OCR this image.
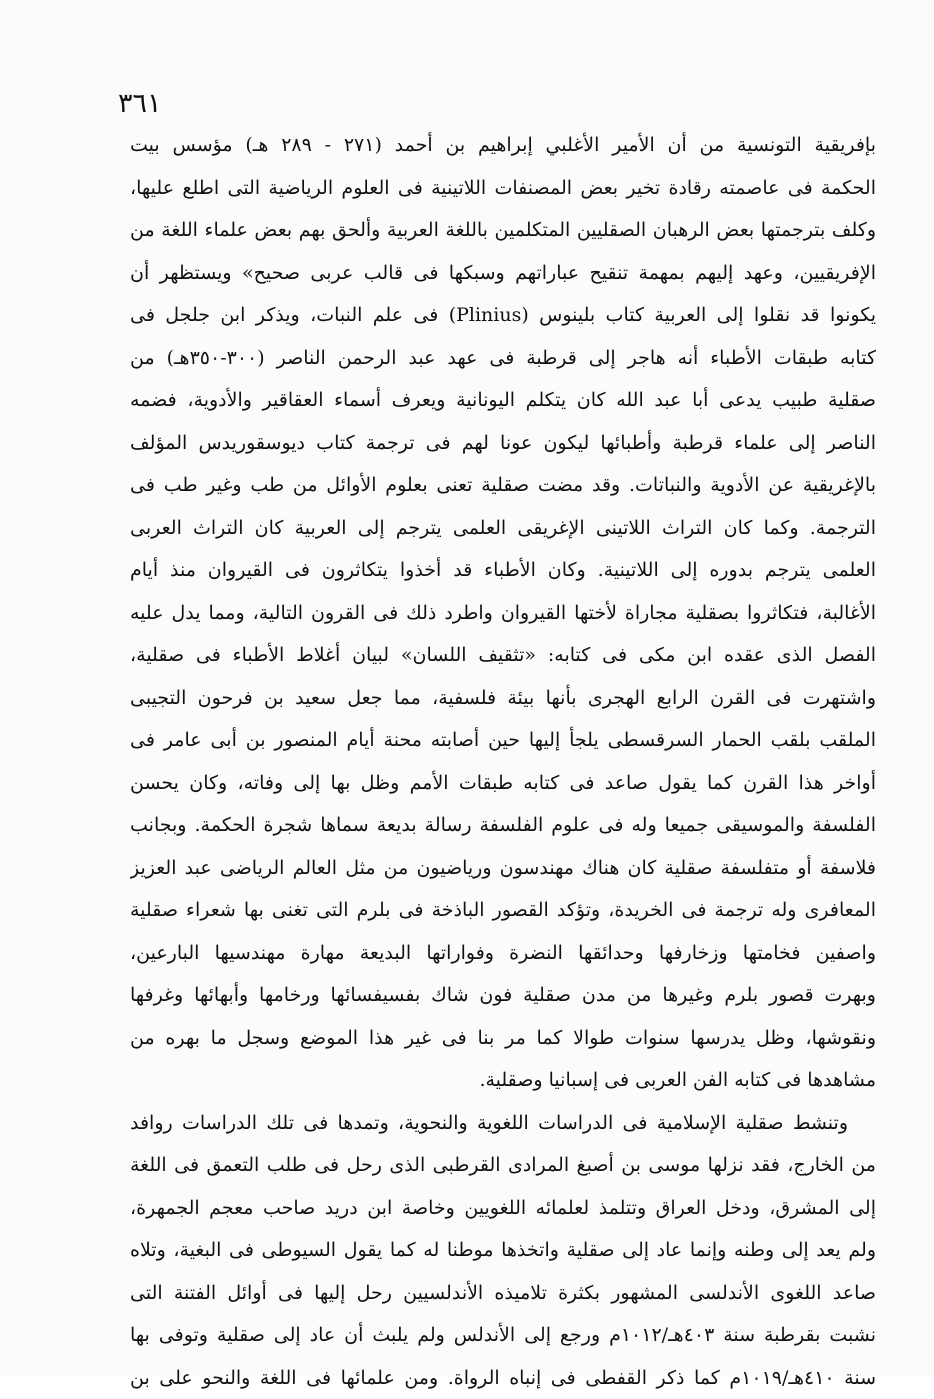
٣٦١

بإفريقية التونسية من أن الأمير الأغلبي إبراهيم بن أحمد (٢٧١ - ٢٨٩ هـ) مؤسس بيت
الحكمة فى عاصمته رقادة تخير بعض المصنفات اللاتينية فى العلوم الرياضية التى اطلع عليها،
وكلف بترجمتها بعض الرهبان الصقليين المتكلمين باللغة العربية وألحق بهم بعض علماء اللغة من
الإفريقيين، وعهد إليهم بمهمة تنقيح عباراتهم وسبكها فى قالب عربى صحيح» ويستظهر أن
يكونوا قد نقلوا إلى العربية كتاب بلينوس (Plinius) فى علم النبات، ويذكر ابن جلجل فى
كتابه طبقات الأطباء أنه هاجر إلى قرطبة فى عهد عبد الرحمن الناصر (٣٠٠-٣٥٠هـ) من
صقلية طبيب يدعى أبا عبد الله كان يتكلم اليونانية ويعرف أسماء العقاقير والأدوية، فضمه
الناصر إلى علماء قرطبة وأطبائها ليكون عونا لهم فى ترجمة كتاب ديوسقوريدس المؤلف
بالإغريقية عن الأدوية والنباتات. وقد مضت صقلية تعنى بعلوم الأوائل من طب وغير طب فى
الترجمة. وكما كان التراث اللاتينى الإغريقى العلمى يترجم إلى العربية كان التراث العربى
العلمى يترجم بدوره إلى اللاتينية. وكان الأطباء قد أخذوا يتكاثرون فى القيروان منذ أيام
الأغالبة، فتكاثروا بصقلية مجاراة لأختها القيروان واطرد ذلك فى القرون التالية، ومما يدل عليه
الفصل الذى عقده ابن مكى فى كتابه: «تثقيف اللسان» لبيان أغلاط الأطباء فى صقلية،
واشتهرت فى القرن الرابع الهجرى بأنها بيئة فلسفية، مما جعل سعيد بن فرحون التجيبى
الملقب بلقب الحمار السرقسطى يلجأ إليها حين أصابته محنة أيام المنصور بن أبى عامر فى
أواخر هذا القرن كما يقول صاعد فى كتابه طبقات الأمم وظل بها إلى وفاته، وكان يحسن
الفلسفة والموسيقى جميعا وله فى علوم الفلسفة رسالة بديعة سماها شجرة الحكمة. وبجانب
فلاسفة أو متفلسفة صقلية كان هناك مهندسون ورياضيون من مثل العالم الرياضى عبد العزيز
المعافرى وله ترجمة فى الخريدة، وتؤكد القصور الباذخة فى بلرم التى تغنى بها شعراء صقلية
واصفين فخامتها وزخارفها وحدائقها النضرة وفواراتها البديعة مهارة مهندسيها البارعين،
وبهرت قصور بلرم وغيرها من مدن صقلية فون شاك بفسيفسائها ورخامها وأبهائها وغرفها
ونقوشها، وظل يدرسها سنوات طوالا كما مر بنا فى غير هذا الموضع وسجل ما بهره من
مشاهدها فى كتابه الفن العربى فى إسبانيا وصقلية.
وتنشط صقلية الإسلامية فى الدراسات اللغوية والنحوية، وتمدها فى تلك الدراسات روافد
من الخارج، فقد نزلها موسى بن أصبغ المرادى القرطبى الذى رحل فى طلب التعمق فى اللغة
إلى المشرق، ودخل العراق وتتلمذ لعلمائه اللغويين وخاصة ابن دريد صاحب معجم الجمهرة،
ولم يعد إلى وطنه وإنما عاد إلى صقلية واتخذها موطنا له كما يقول السيوطى فى البغية، وتلاه
صاعد اللغوى الأندلسى المشهور بكثرة تلاميذه الأندلسيين رحل إليها فى أوائل الفتنة التى
نشبت بقرطبة سنة ٤٠٣هـ/١٠١٢م ورجع إلى الأندلس ولم يلبث أن عاد إلى صقلية وتوفى بها
سنة ٤١٠هـ/١٠١٩م كما ذكر القفطى فى إنباه الرواة. ومن علمائها فى اللغة والنحو على بن
